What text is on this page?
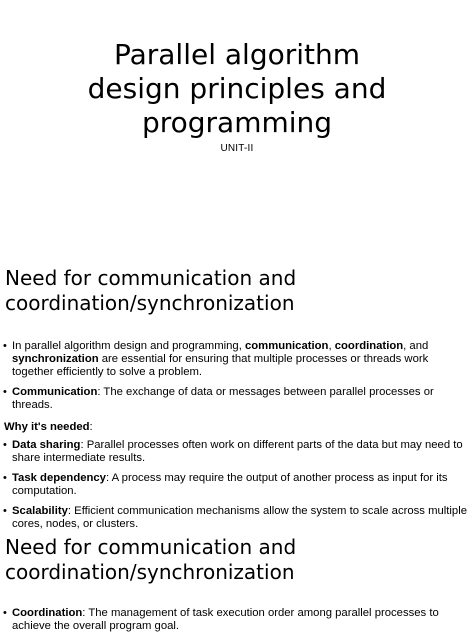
Parallel algorithm
design principles and
programming
UNIT-II
Need for communication and
coordination/synchronization
• In parallel algorithm design and programming, communication, coordination, and synchronization are essential for ensuring that multiple processes or threads work together efficiently to solve a problem.
• Communication: The exchange of data or messages between parallel processes or threads.
Why it's needed:
• Data sharing: Parallel processes often work on different parts of the data but may need to share intermediate results.
• Task dependency: A process may require the output of another process as input for its computation.
• Scalability: Efficient communication mechanisms allow the system to scale across multiple cores, nodes, or clusters.
Need for communication and
coordination/synchronization
• Coordination: The management of task execution order among parallel processes to achieve the overall program goal.
